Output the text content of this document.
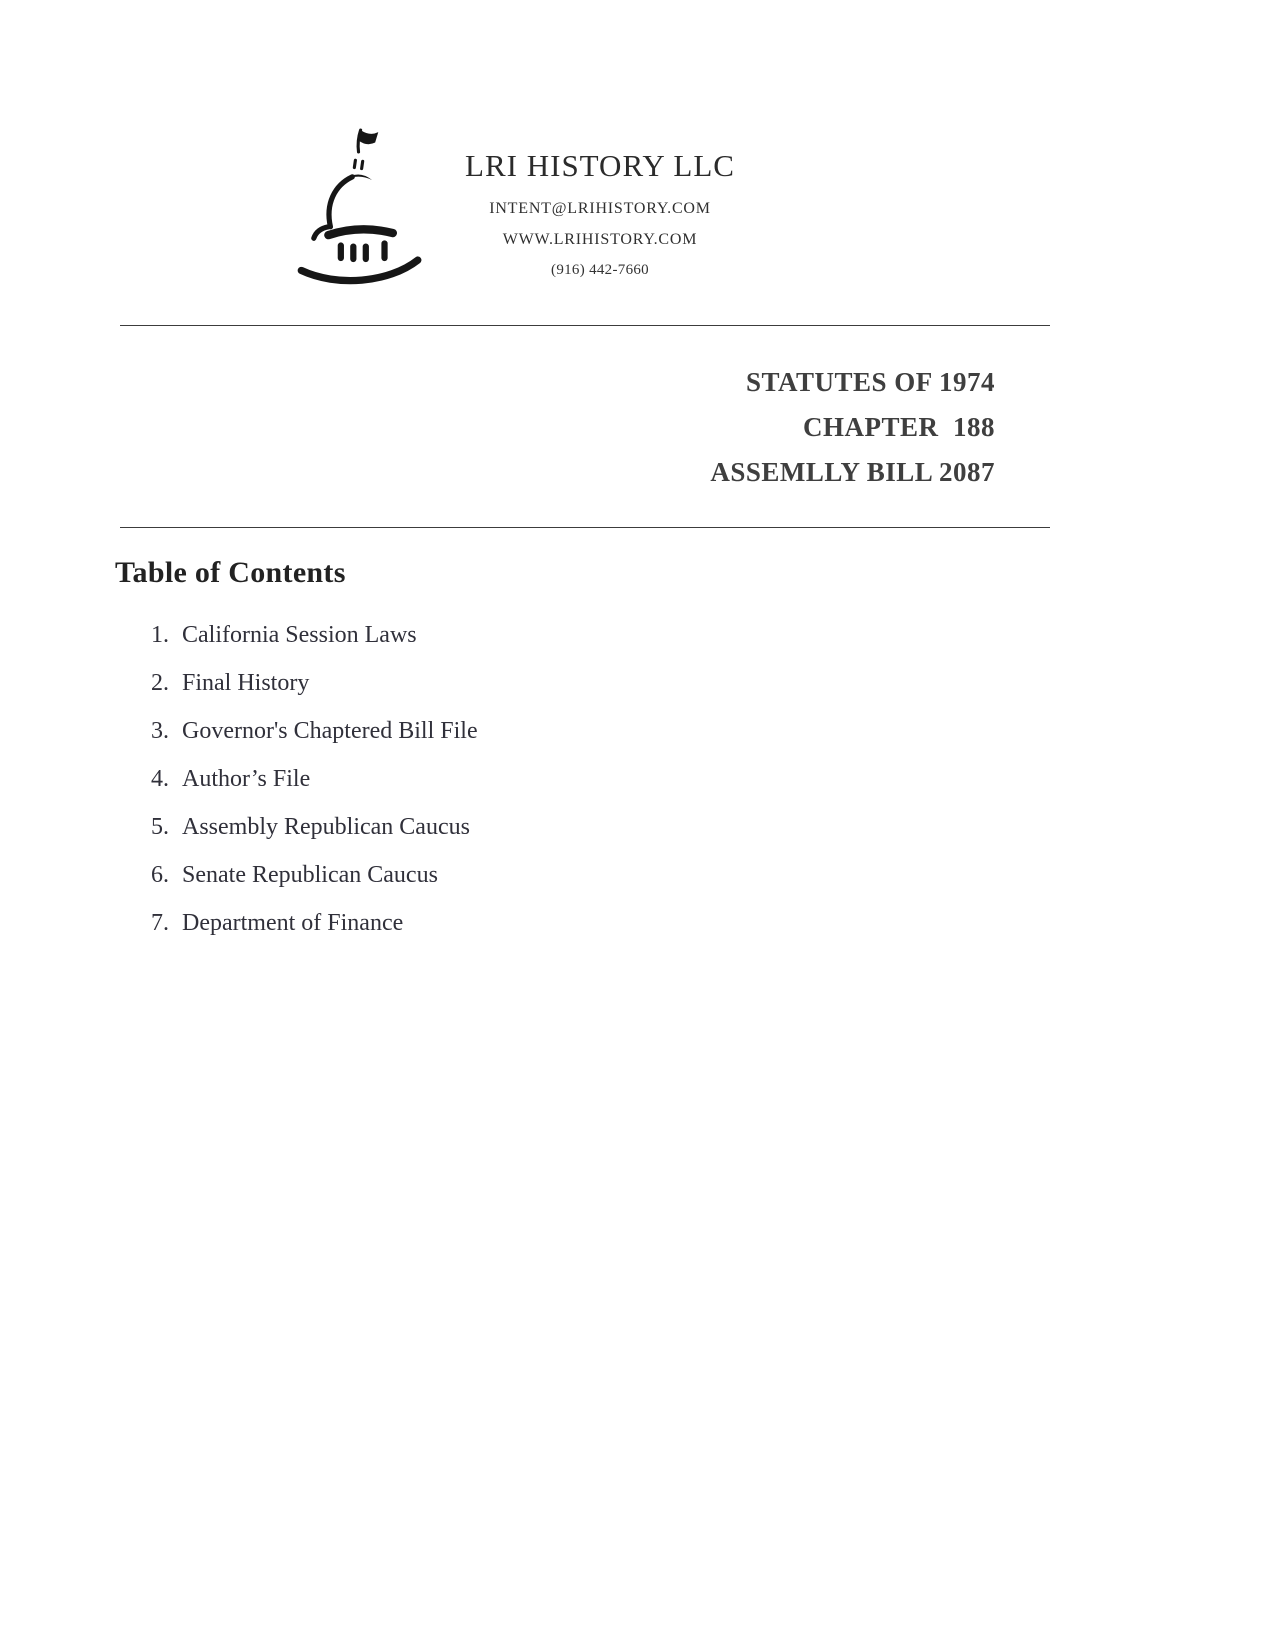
LRI HISTORY LLC
INTENT@LRIHISTORY.COM
WWW.LRIHISTORY.COM
(916) 442-7660
STATUTES OF 1974
CHAPTER  188
ASSEMLLY BILL 2087
Table of Contents
1. California Session Laws
2. Final History
3. Governor's Chaptered Bill File
4. Author’s File
5. Assembly Republican Caucus
6. Senate Republican Caucus
7. Department of Finance
